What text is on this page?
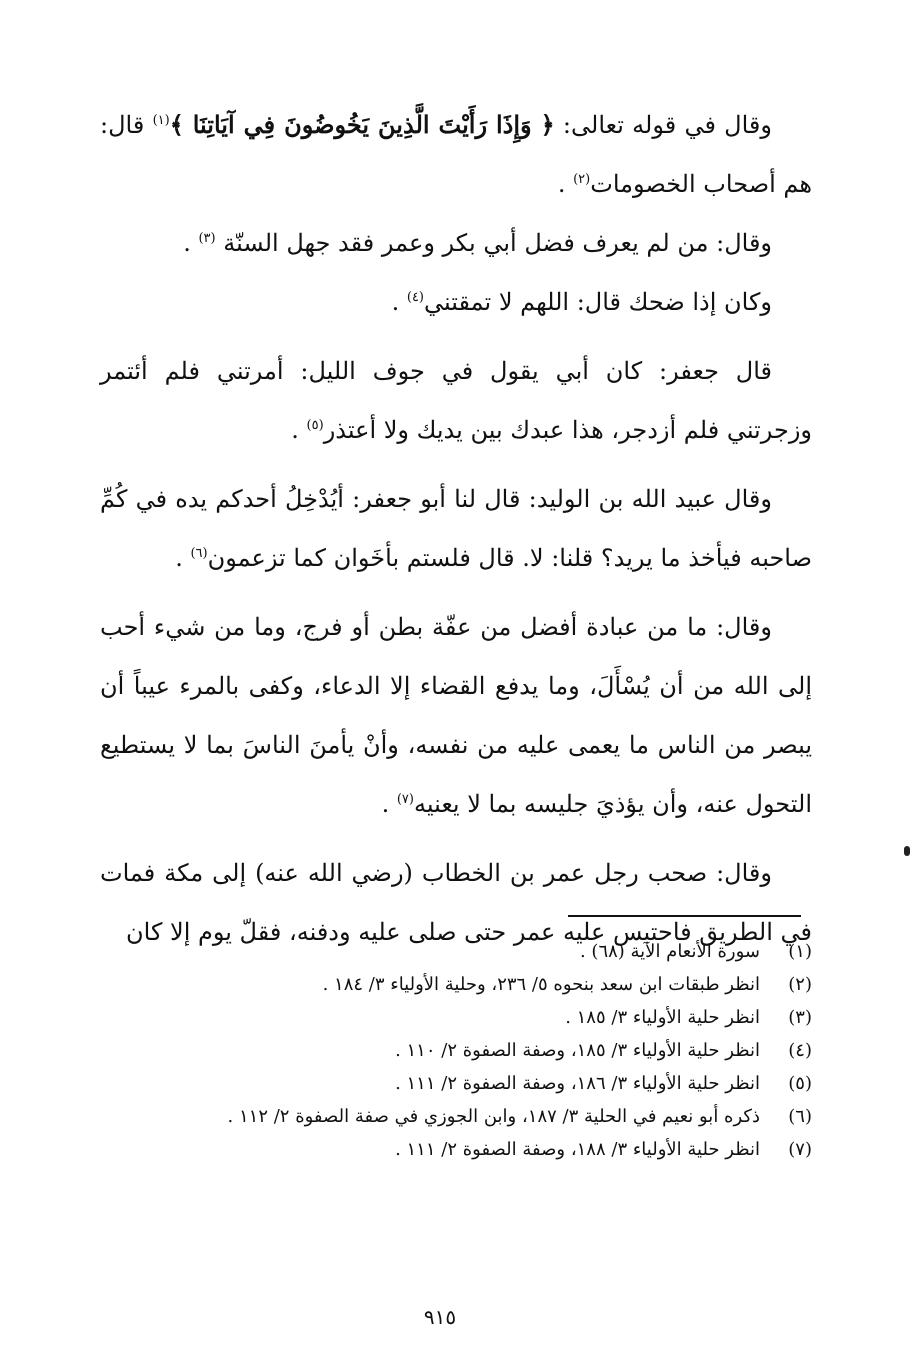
وقال في قوله تعالى: ﴿ وَإِذَا رَأَيْتَ الَّذِينَ يَخُوضُونَ فِي آيَاتِنَا ﴾$^{(١)}$ قال: هم أصحاب الخصومات$^{(٢)}$ .

وقال: من لم يعرف فضل أبي بكر وعمر فقد جهل السنّة $^{(٣)}$ .

وكان إذا ضحك قال: اللهم لا تمقتني$^{(٤)}$ .

قال جعفر: كان أبي يقول في جوف الليل: أمرتني فلم أئتمر وزجرتني فلم أزدجر، هذا عبدك بين يديك ولا أعتذر$^{(٥)}$ .

وقال عبيد الله بن الوليد: قال لنا أبو جعفر: أيُدْخِلُ أحدكم يده في كُمِّ صاحبه فيأخذ ما يريد؟ قلنا: لا. قال فلستم بأخَوان كما تزعمون$^{(٦)}$ .

وقال: ما من عبادة أفضل من عفّة بطن أو فرج، وما من شيء أحب إلى الله من أن يُسْأَلَ، وما يدفع القضاء إلا الدعاء، وكفى بالمرء عيباً أن يبصر من الناس ما يعمى عليه من نفسه، وأنْ يأمنَ الناسَ بما لا يستطيع التحول عنه، وأن يؤذيَ جليسه بما لا يعنيه$^{(٧)}$ .

وقال: صحب رجل عمر بن الخطاب (رضي الله عنه) إلى مكة فمات في الطريق فاحتبس عليه عمر حتى صلى عليه ودفنه، فقلّ يوم إلا كان

(١)
سورة الأنعام الآية (٦٨) .
(٢)
انظر طبقات ابن سعد بنحوه ٥/ ٢٣٦، وحلية الأولياء ٣/ ١٨٤ .
(٣)
انظر حلية الأولياء ٣/ ١٨٥ .
(٤)
انظر حلية الأولياء ٣/ ١٨٥، وصفة الصفوة ٢/ ١١٠ .
(٥)
انظر حلية الأولياء ٣/ ١٨٦، وصفة الصفوة ٢/ ١١١ .
(٦)
ذكره أبو نعيم في الحلية ٣/ ١٨٧، وابن الجوزي في صفة الصفوة ٢/ ١١٢ .
(٧)
انظر حلية الأولياء ٣/ ١٨٨، وصفة الصفوة ٢/ ١١١ .
٩١٥
